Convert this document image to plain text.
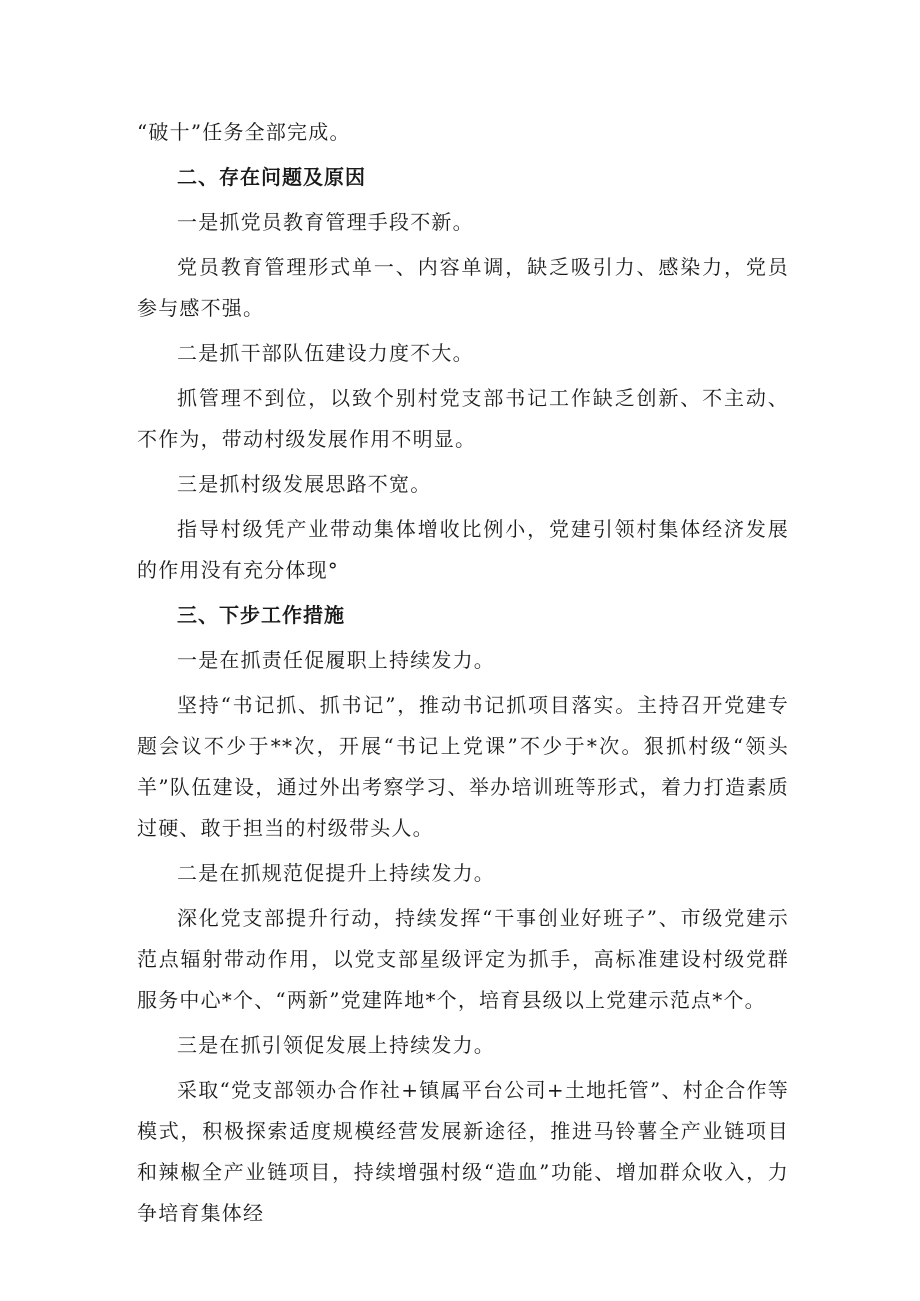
“破十”任务全部完成。

二、存在问题及原因

一是抓党员教育管理手段不新。

党员教育管理形式单一、内容单调，缺乏吸引力、感染力，党员参与感不强。

二是抓干部队伍建设力度不大。

抓管理不到位，以致个别村党支部书记工作缺乏创新、不主动、不作为，带动村级发展作用不明显。

三是抓村级发展思路不宽。

指导村级凭产业带动集体增收比例小，党建引领村集体经济发展的作用没有充分体现°

三、下步工作措施

一是在抓责任促履职上持续发力。

坚持“书记抓、抓书记”，推动书记抓项目落实。主持召开党建专题会议不少于**次，开展“书记上党课”不少于*次。狠抓村级“领头羊”队伍建设，通过外出考察学习、举办培训班等形式，着力打造素质过硬、敢于担当的村级带头人。

二是在抓规范促提升上持续发力。

深化党支部提升行动，持续发挥“干事创业好班子”、市级党建示范点辐射带动作用，以党支部星级评定为抓手，高标准建设村级党群服务中心*个、“两新”党建阵地*个，培育县级以上党建示范点*个。

三是在抓引领促发展上持续发力。

采取“党支部领办合作社+镇属平台公司+土地托管”、村企合作等模式，积极探索适度规模经营发展新途径，推进马铃薯全产业链项目和辣椒全产业链项目，持续增强村级“造血”功能、增加群众收入，力争培育集体经
